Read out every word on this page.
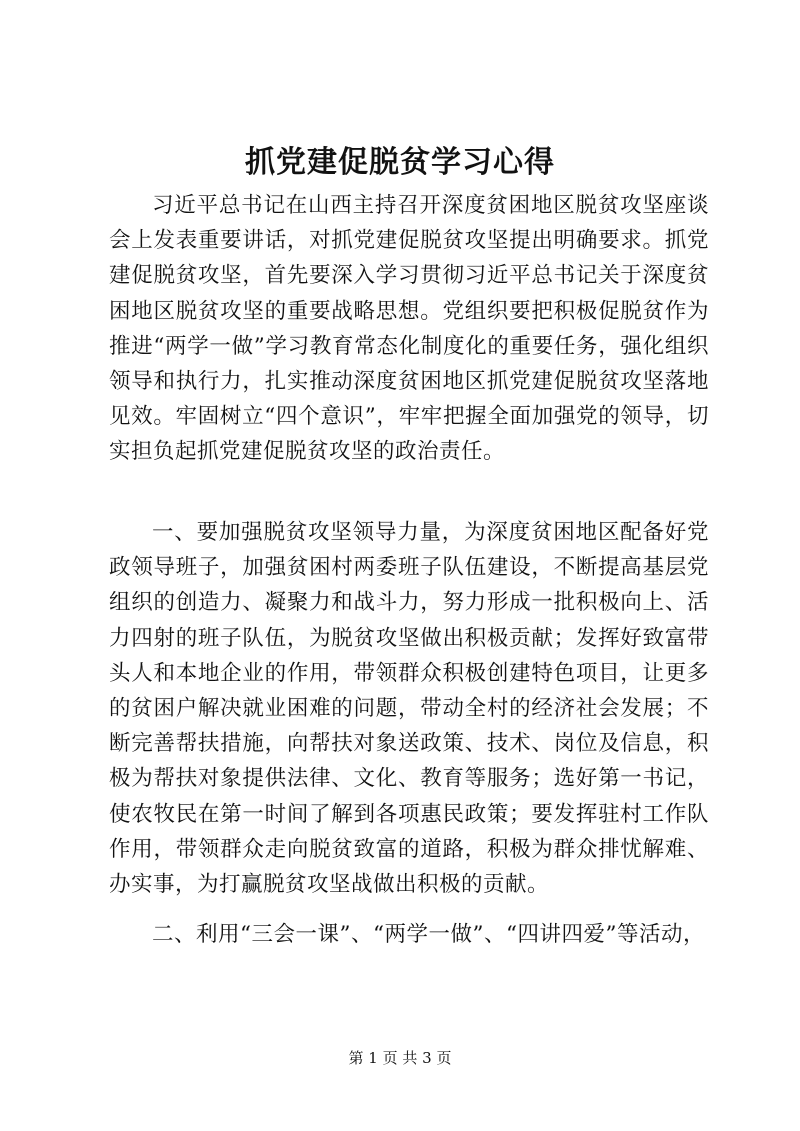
抓党建促脱贫学习心得

习近平总书记在山西主持召开深度贫困地区脱贫攻坚座谈会上发表重要讲话，对抓党建促脱贫攻坚提出明确要求。抓党建促脱贫攻坚，首先要深入学习贯彻习近平总书记关于深度贫困地区脱贫攻坚的重要战略思想。党组织要把积极促脱贫作为推进“两学一做”学习教育常态化制度化的重要任务，强化组织领导和执行力，扎实推动深度贫困地区抓党建促脱贫攻坚落地见效。牢固树立“四个意识”，牢牢把握全面加强党的领导，切实担负起抓党建促脱贫攻坚的政治责任。

一、要加强脱贫攻坚领导力量，为深度贫困地区配备好党政领导班子，加强贫困村两委班子队伍建设，不断提高基层党组织的创造力、凝聚力和战斗力，努力形成一批积极向上、活力四射的班子队伍，为脱贫攻坚做出积极贡献；发挥好致富带头人和本地企业的作用，带领群众积极创建特色项目，让更多的贫困户解决就业困难的问题，带动全村的经济社会发展；不断完善帮扶措施，向帮扶对象送政策、技术、岗位及信息，积极为帮扶对象提供法律、文化、教育等服务；选好第一书记，使农牧民在第一时间了解到各项惠民政策；要发挥驻村工作队作用，带领群众走向脱贫致富的道路，积极为群众排忧解难、办实事，为打赢脱贫攻坚战做出积极的贡献。

二、利用“三会一课”、“两学一做”、“四讲四爱”等活动，

第 1 页 共 3 页
